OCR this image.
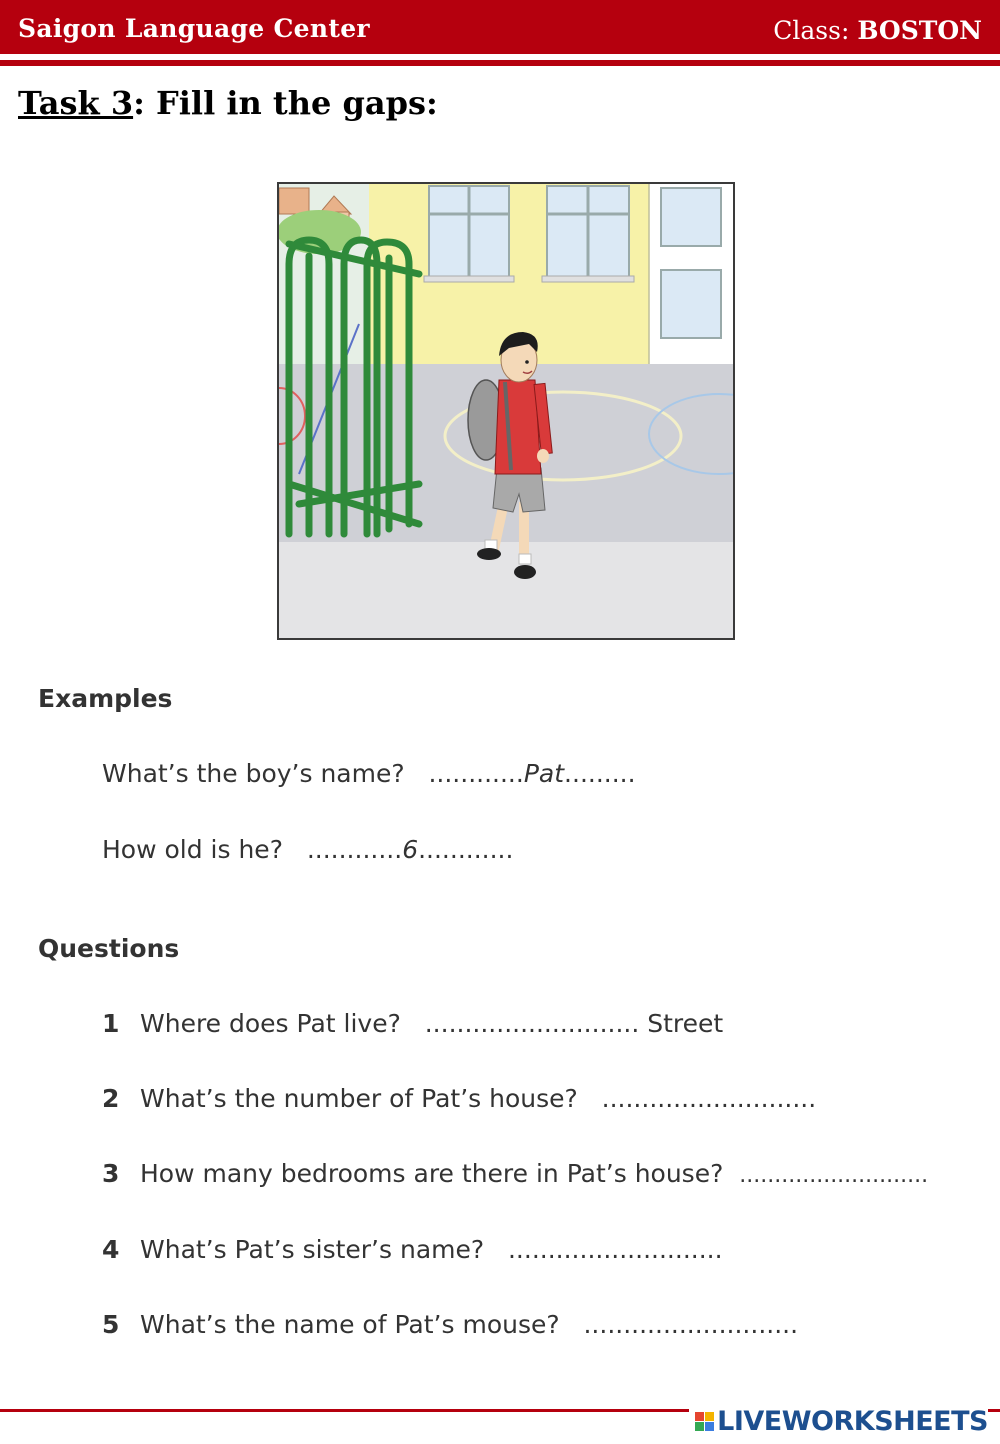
Saigon Language Center	Class: BOSTON
Task 3: Fill in the gaps:
Examples
What’s the boy’s name? ............Pat.........
How old is he? ............6............
Questions
1 Where does Pat live? ........................... Street
2 What’s the number of Pat’s house? ...........................
3 How many bedrooms are there in Pat’s house? ...........................
4 What’s Pat’s sister’s name? ...........................
5 What’s the name of Pat’s mouse? ...........................
LIVEWORKSHEETS
